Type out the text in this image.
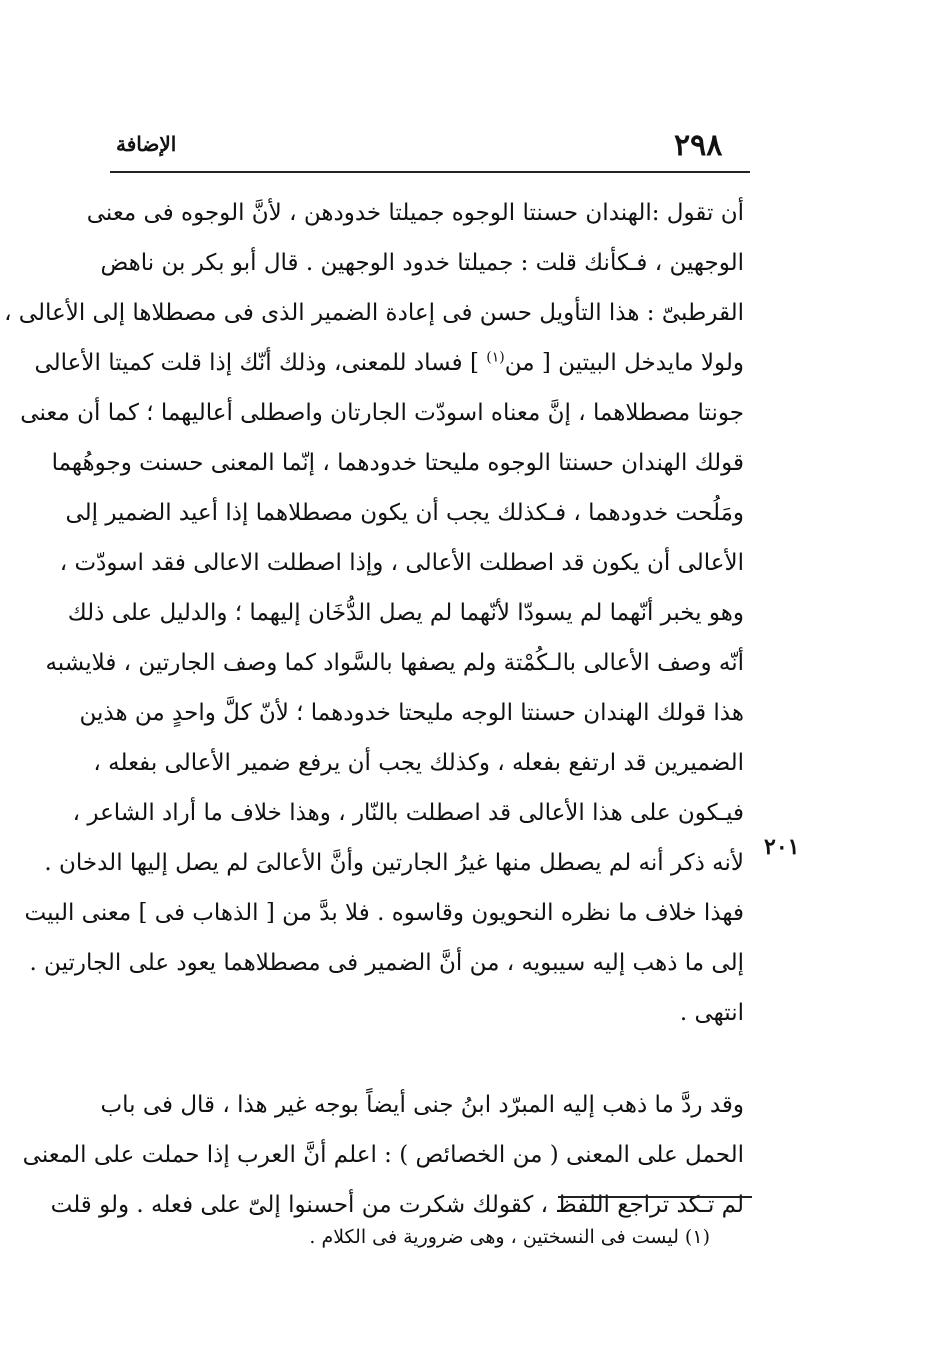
٢٩٨
الإضافة
٢٠١
أن تقول :الهندان حسنتا الوجوه جميلتا خدودهن ، لأنَّ الوجوه فى معنى
الوجهين ، فـكأنك قلت : جميلتا خدود الوجهين . قال أبو بكر بن ناهض
القرطبىّ : هذا التأويل حسن فى إعادة الضمير الذى فى مصطلاها إلى الأعالى ،
ولولا مايدخل البيتين [ من$^{(١)}$ ] فساد للمعنى، وذلك أنّك إذا قلت كميتا الأعالى
جونتا مصطلاهما ، إنَّ معناه اسودّت الجارتان واصطلى أعاليهما ؛ كما أن معنى
قولك الهندان حسنتا الوجوه مليحتا خدودهما ، إنّما المعنى حسنت وجوهُهما
ومَلُحت خدودهما ، فـكذلك يجب أن يكون مصطلاهما إذا أعيد الضمير إلى
الأعالى أن يكون قد اصطلت الأعالى ، وإذا اصطلت الاعالى فقد اسودّت ،
وهو يخبر أنّهما لم يسودّا لأنّهما لم يصل الدُّخَان إليهما ؛ والدليل على ذلك
أنّه وصف الأعالى بالـكُمْتة ولم يصفها بالسَّواد كما وصف الجارتين ، فلايشبه
هذا قولك الهندان حسنتا الوجه مليحتا خدودهما ؛ لأنّ كلَّ واحدٍ من هذين
الضميرين قد ارتفع بفعله ، وكذلك يجب أن يرفع ضمير الأعالى بفعله ،
فيـكون على هذا الأعالى قد اصطلت بالنّار ، وهذا خلاف ما أراد الشاعر ،
لأنه ذكر أنه لم يصطل منها غيرُ الجارتين وأنَّ الأعالىَ لم يصل إليها الدخان .
فهذا خلاف ما نظره النحويون وقاسوه . فلا بدَّ من [ الذهاب فى ] معنى البيت
إلى ما ذهب إليه سيبويه ، من أنَّ الضمير فى مصطلاهما يعود على الجارتين .
انتهى .
وقد ردَّ ما ذهب إليه المبرّد ابنُ جنى أيضاً بوجه غير هذا ، قال فى باب
الحمل على المعنى ( من الخصائص ) : اعلم أنَّ العرب إذا حملت على المعنى
لم تـكد تراجع اللفظ ، كقولك شكرت من أحسنوا إلىّ على فعله . ولو قلت
(١) ليست فى النسختين ، وهى ضرورية فى الكلام .
